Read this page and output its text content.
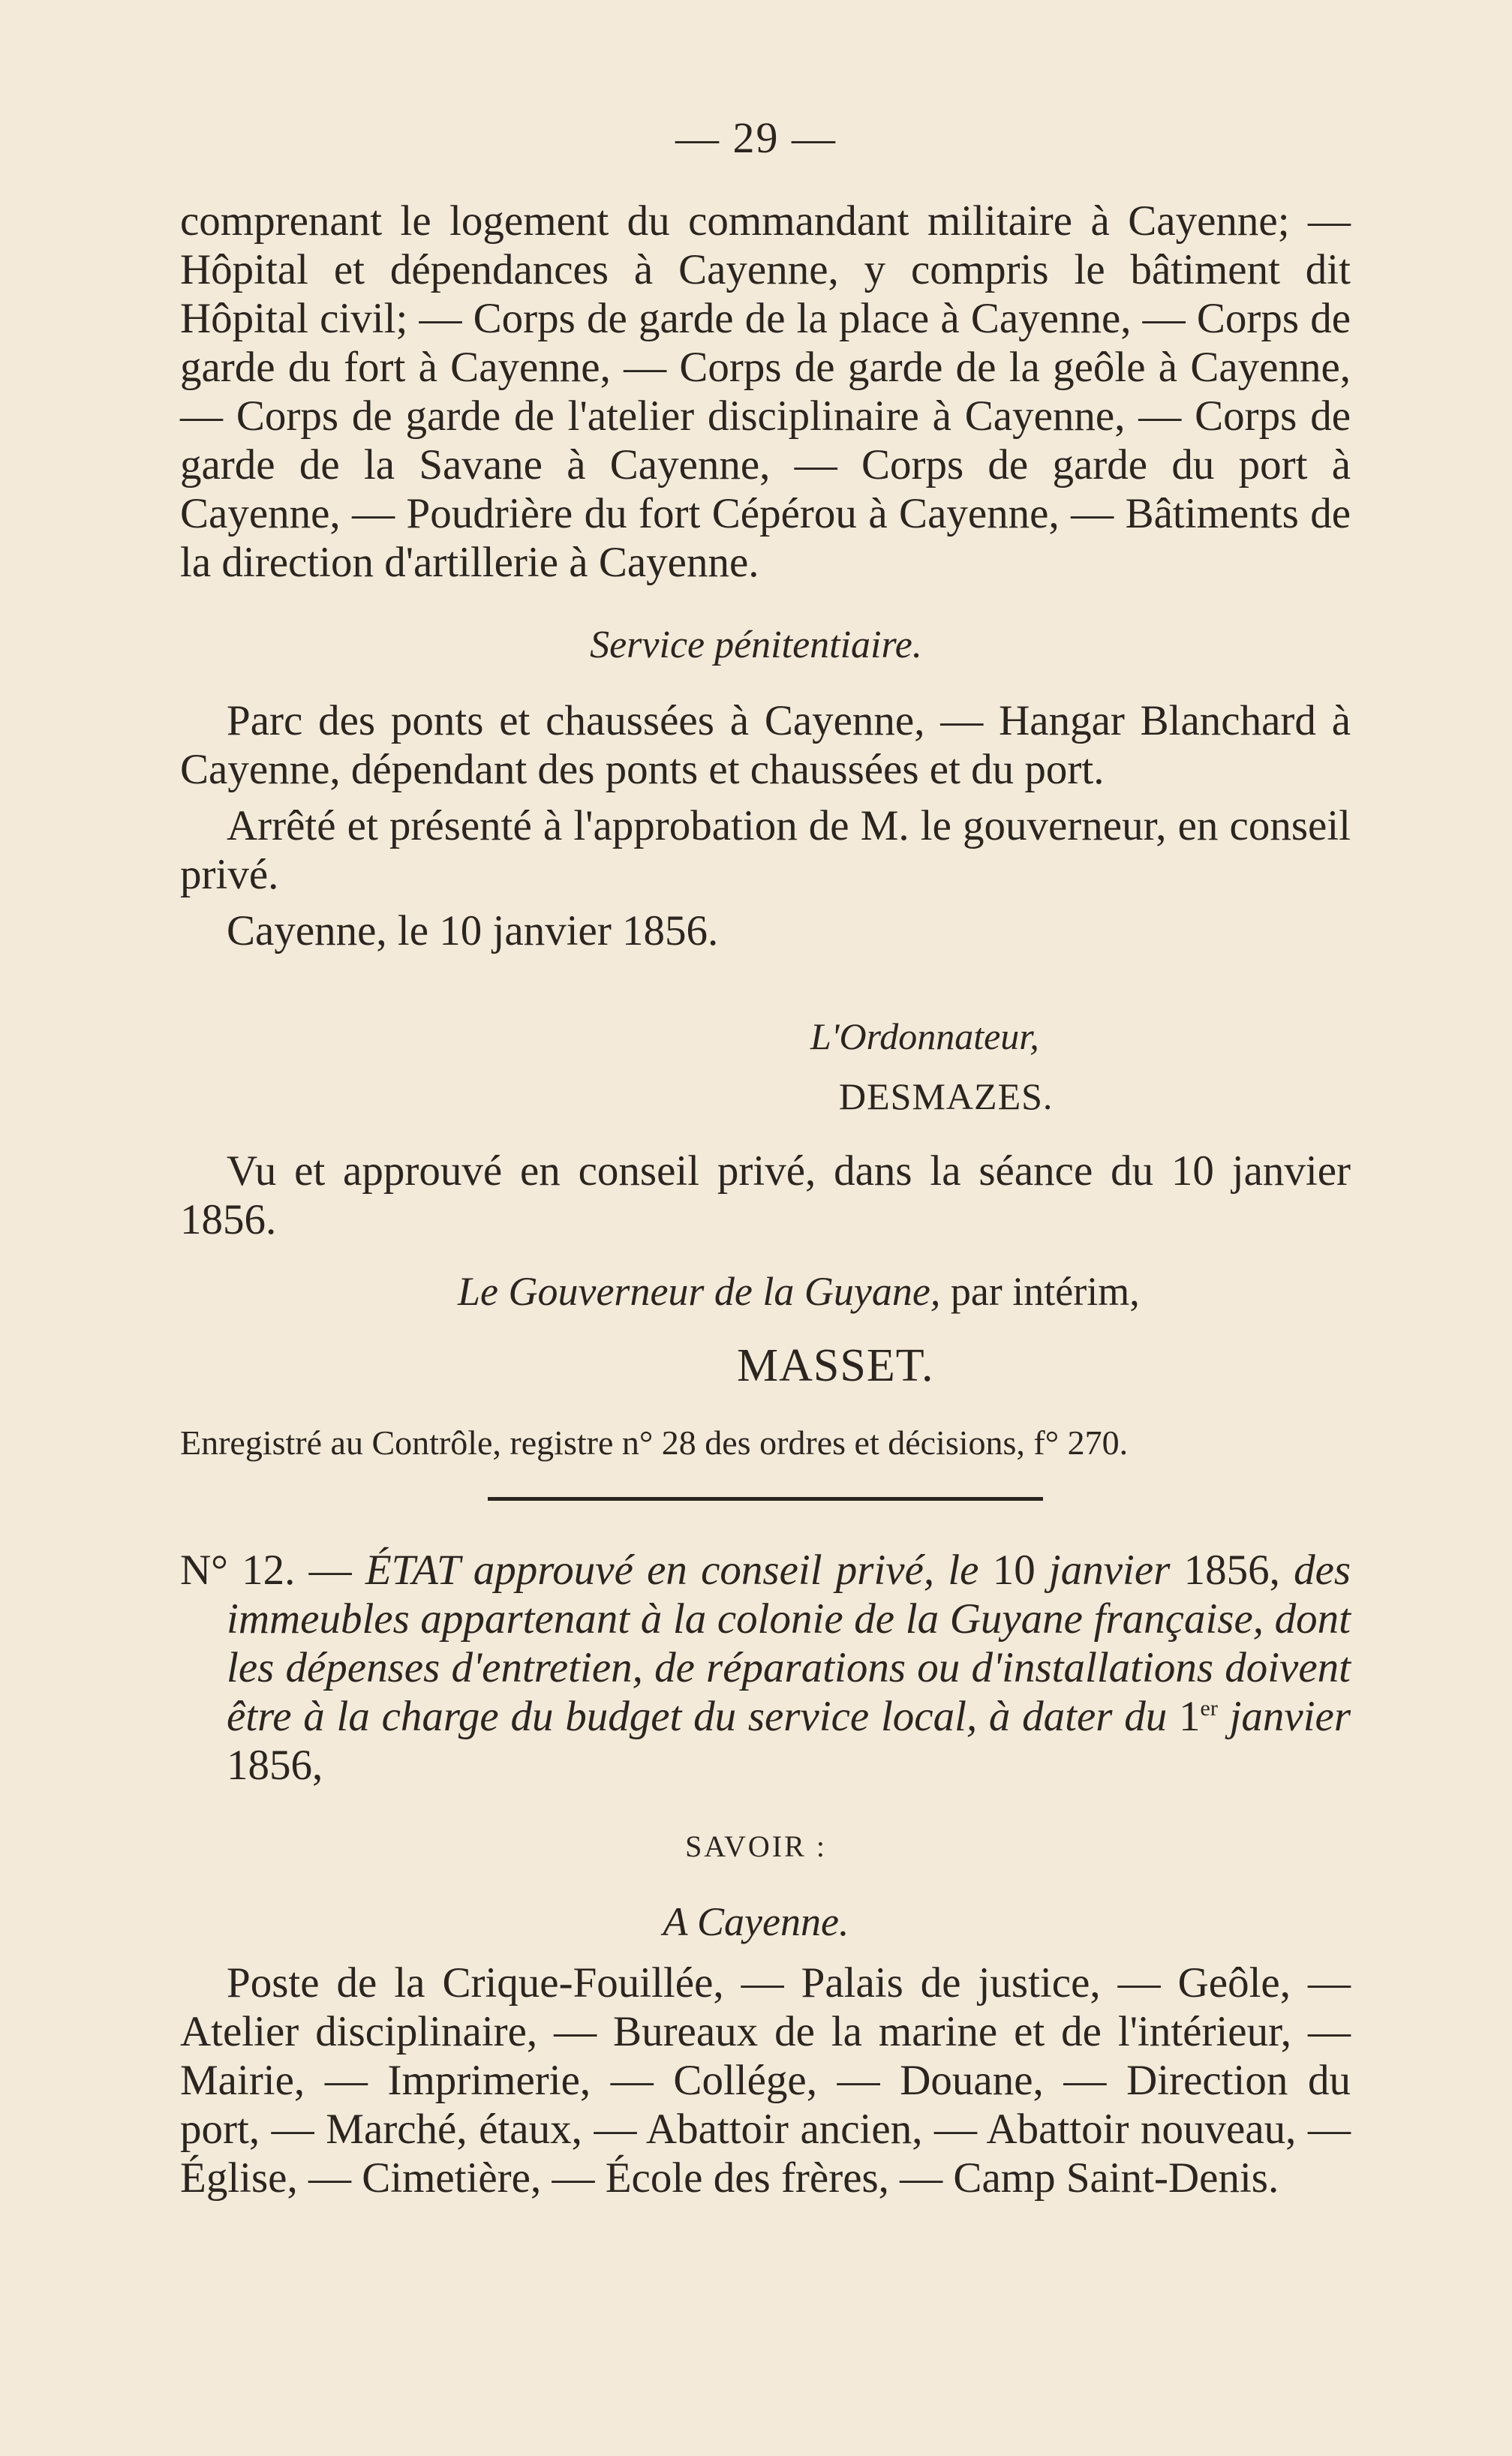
— 29 —

comprenant le logement du commandant militaire à Cayenne; — Hôpital et dépendances à Cayenne, y compris le bâtiment dit Hôpital civil; — Corps de garde de la place à Cayenne, — Corps de garde du fort à Cayenne, — Corps de garde de la geôle à Cayenne, — Corps de garde de l'atelier disciplinaire à Cayenne, — Corps de garde de la Savane à Cayenne, — Corps de garde du port à Cayenne, — Poudrière du fort Cépérou à Cayenne, — Bâtiments de la direction d'artillerie à Cayenne.

Service pénitentiaire.

Parc des ponts et chaussées à Cayenne, — Hangar Blanchard à Cayenne, dépendant des ponts et chaussées et du port.

Arrêté et présenté à l'approbation de M. le gouverneur, en conseil privé.

Cayenne, le 10 janvier 1856.

L'Ordonnateur,
DESMAZES.

Vu et approuvé en conseil privé, dans la séance du 10 janvier 1856.

Le Gouverneur de la Guyane, par intérim,
MASSET.
Enregistré au Contrôle, registre n° 28 des ordres et décisions, f° 270.

N° 12. — ÉTAT approuvé en conseil privé, le 10 janvier 1856, des immeubles appartenant à la colonie de la Guyane française, dont les dépenses d'entretien, de réparations ou d'installations doivent être à la charge du budget du service local, à dater du 1er janvier 1856,

SAVOIR :
A Cayenne.

Poste de la Crique-Fouillée, — Palais de justice, — Geôle, — Atelier disciplinaire, — Bureaux de la marine et de l'intérieur, — Mairie, — Imprimerie, — Collége, — Douane, — Direction du port, — Marché, étaux, — Abattoir ancien, — Abattoir nouveau, — Église, — Cimetière, — École des frères, — Camp Saint-Denis.
